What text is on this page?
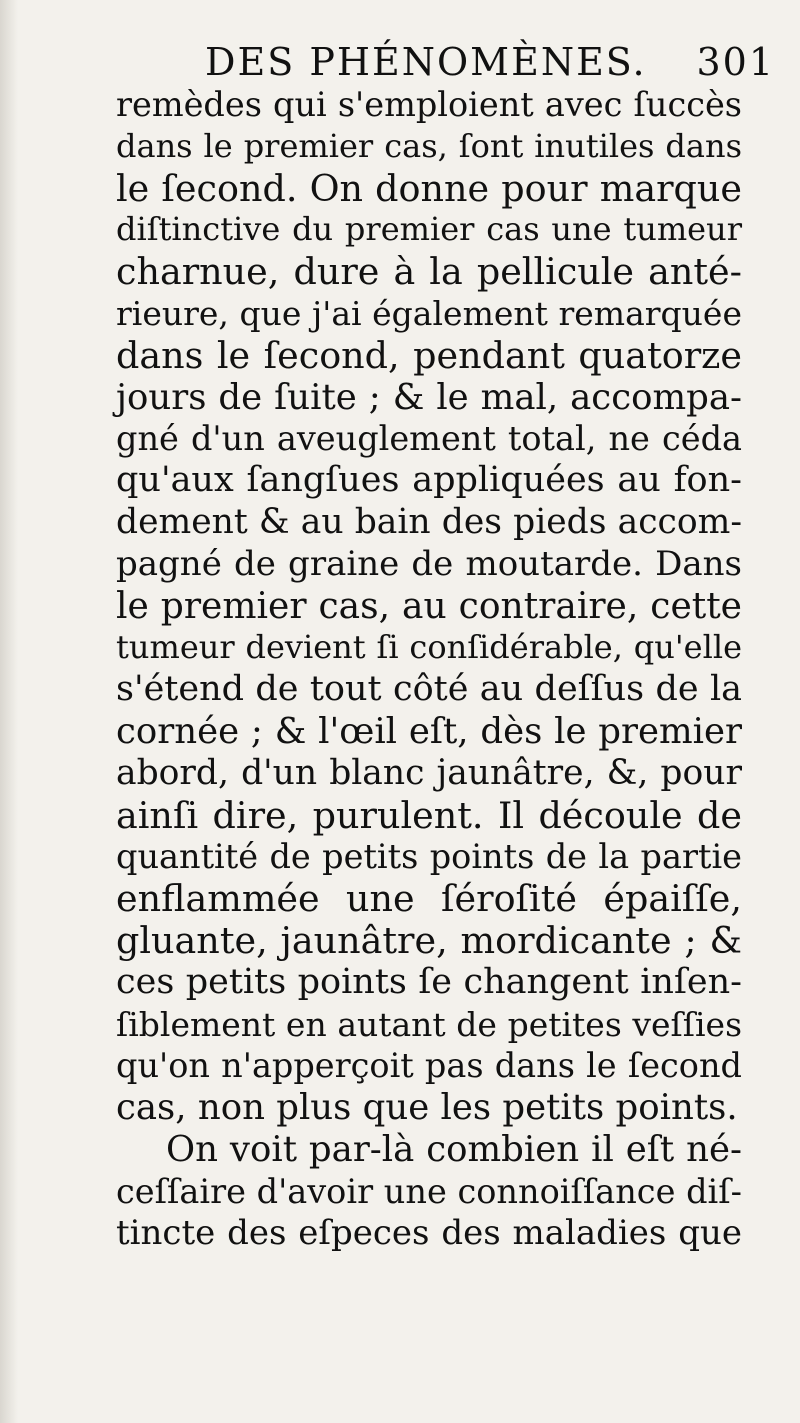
DES PHÉNOMÈNES. 301
remèdes qui s'emploient avec ſuccès
dans le premier cas, ſont inutiles dans
le ſecond. On donne pour marque
diſtinctive du premier cas une tumeur
charnue, dure à la pellicule anté-
rieure, que j'ai également remarquée
dans le ſecond, pendant quatorze
jours de ſuite ; & le mal, accompa-
gné d'un aveuglement total, ne céda
qu'aux ſangſues appliquées au fon-
dement & au bain des pieds accom-
pagné de graine de moutarde. Dans
le premier cas, au contraire, cette
tumeur devient ſi conſidérable, qu'elle
s'étend de tout côté au deſſus de la
cornée ; & l'œil eſt, dès le premier
abord, d'un blanc jaunâtre, &, pour
ainſi dire, purulent. Il découle de
quantité de petits points de la partie
enflammée une ſéroſité épaiſſe,
gluante, jaunâtre, mordicante ; &
ces petits points ſe changent inſen-
ſiblement en autant de petites veſſies
qu'on n'apperçoit pas dans le ſecond
cas, non plus que les petits points.
On voit par-là combien il eſt né-
ceſſaire d'avoir une connoiſſance diſ-
tincte des eſpeces des maladies que
